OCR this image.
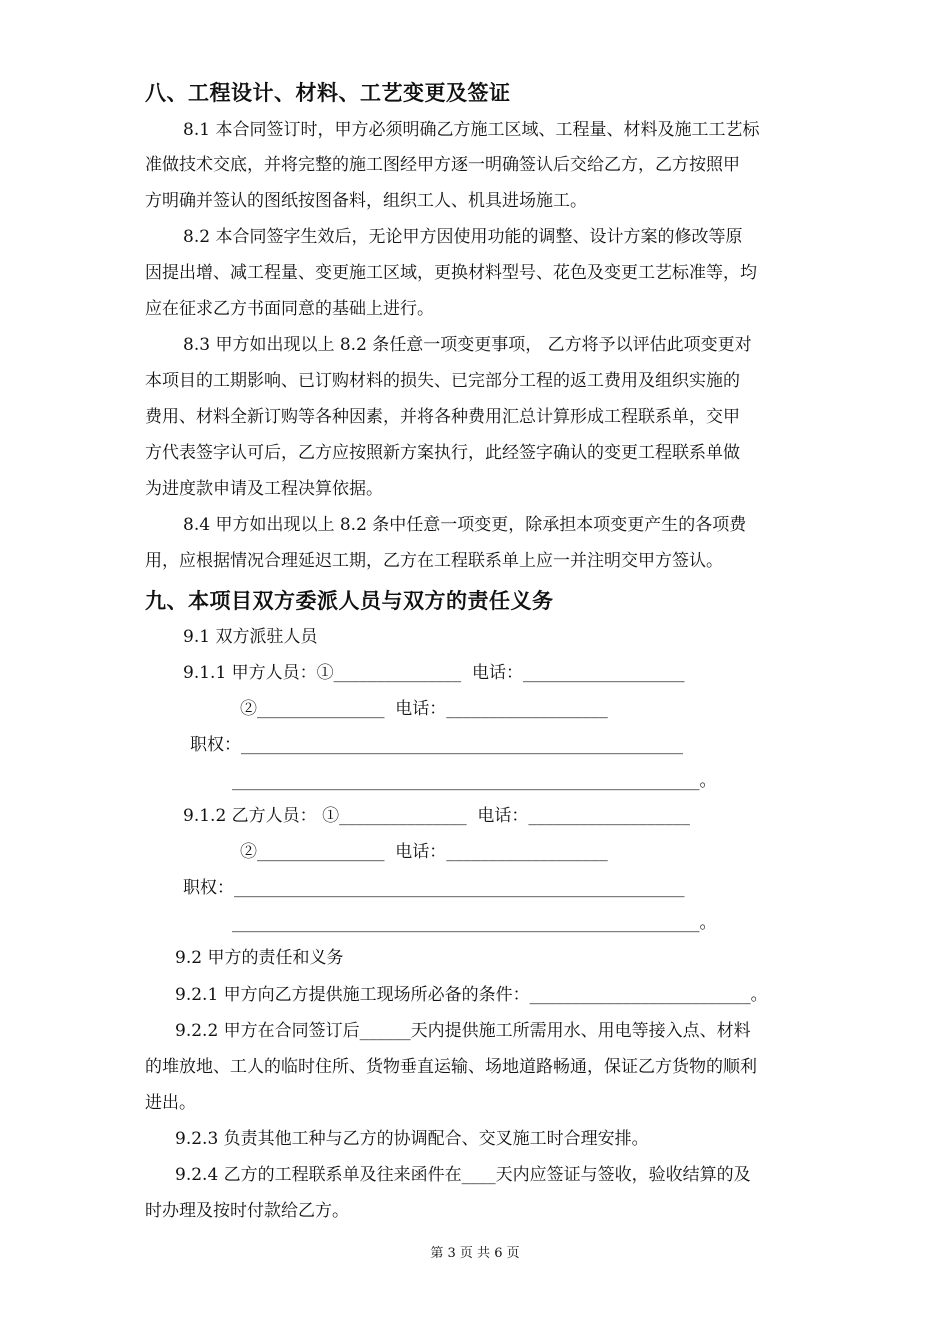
八、工程设计、材料、工艺变更及签证
8.1 本合同签订时，甲方必须明确乙方施工区域、工程量、材料及施工工艺标
准做技术交底，并将完整的施工图经甲方逐一明确签认后交给乙方，乙方按照甲
方明确并签认的图纸按图备料，组织工人、机具进场施工。
8.2 本合同签字生效后，无论甲方因使用功能的调整、设计方案的修改等原
因提出增、减工程量、变更施工区域，更换材料型号、花色及变更工艺标准等，均
应在征求乙方书面同意的基础上进行。
8.3 甲方如出现以上 8.2 条任意一项变更事项， 乙方将予以评估此项变更对
本项目的工期影响、已订购材料的损失、已完部分工程的返工费用及组织实施的
费用、材料全新订购等各种因素，并将各种费用汇总计算形成工程联系单，交甲
方代表签字认可后，乙方应按照新方案执行，此经签字确认的变更工程联系单做
为进度款申请及工程决算依据。
8.4 甲方如出现以上 8.2 条中任意一项变更，除承担本项变更产生的各项费
用，应根据情况合理延迟工期，乙方在工程联系单上应一并注明交甲方签认。
九、本项目双方委派人员与双方的责任义务
9.1 双方派驻人员
9.1.1 甲方人员：①_______________  电话：___________________
②_______________  电话：___________________
职权：____________________________________________________
_______________________________________________________。
9.1.2 乙方人员： ①_______________  电话：___________________
②_______________  电话：___________________
职权：_____________________________________________________
_______________________________________________________。
9.2 甲方的责任和义务
9.2.1 甲方向乙方提供施工现场所必备的条件：__________________________。
9.2.2 甲方在合同签订后______天内提供施工所需用水、用电等接入点、材料
的堆放地、工人的临时住所、货物垂直运输、场地道路畅通，保证乙方货物的顺利
进出。
9.2.3 负责其他工种与乙方的协调配合、交叉施工时合理安排。
9.2.4 乙方的工程联系单及往来函件在____天内应签证与签收，验收结算的及
时办理及按时付款给乙方。
第 3 页 共 6 页
